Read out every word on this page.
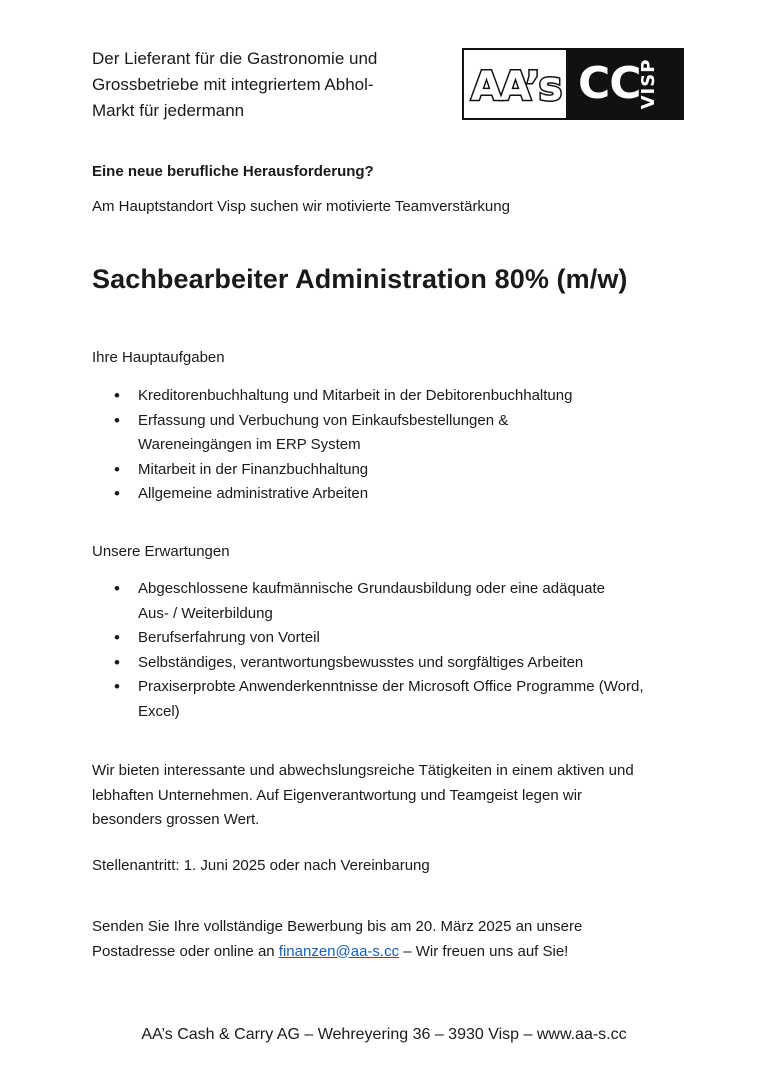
Der Lieferant für die Gastronomie und
Grossbetriebe mit integriertem Abhol-
Markt für jedermann
AA’s CC
VISP
Eine neue berufliche Herausforderung?
Am Hauptstandort Visp suchen wir motivierte Teamverstärkung
Sachbearbeiter Administration 80% (m/w)
Ihre Hauptaufgaben
• Kreditorenbuchhaltung und Mitarbeit in der Debitorenbuchhaltung
• Erfassung und Verbuchung von Einkaufsbestellungen & Wareneingängen im ERP System
• Mitarbeit in der Finanzbuchhaltung
• Allgemeine administrative Arbeiten
Unsere Erwartungen
• Abgeschlossene kaufmännische Grundausbildung oder eine adäquate Aus- / Weiterbildung
• Berufserfahrung von Vorteil
• Selbständiges, verantwortungsbewusstes und sorgfältiges Arbeiten
• Praxiserprobte Anwenderkenntnisse der Microsoft Office Programme (Word, Excel)
Wir bieten interessante und abwechslungsreiche Tätigkeiten in einem aktiven und lebhaften Unternehmen. Auf Eigenverantwortung und Teamgeist legen wir besonders grossen Wert.
Stellenantritt: 1. Juni 2025 oder nach Vereinbarung
Senden Sie Ihre vollständige Bewerbung bis am 20. März 2025 an unsere
Postadresse oder online an finanzen@aa-s.cc – Wir freuen uns auf Sie!
AA’s Cash & Carry AG – Wehreyering 36 – 3930 Visp – www.aa-s.cc
